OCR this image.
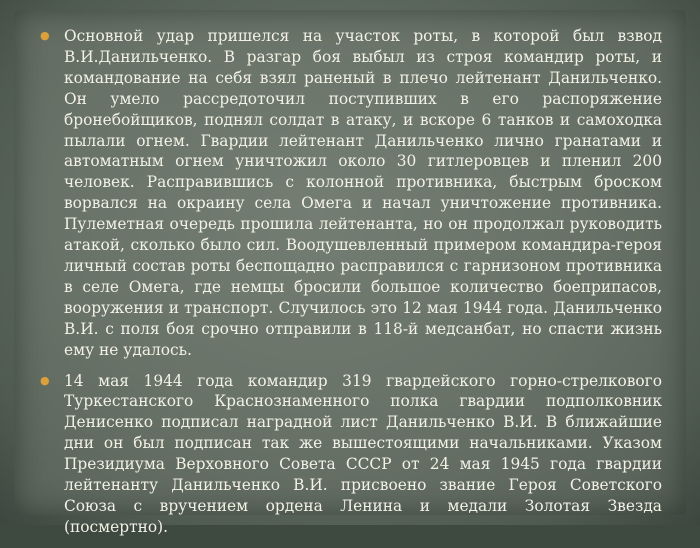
● Основной удар пришелся на участок роты, в которой был взвод В.И.Данильченко. В разгар боя выбыл из строя командир роты, и командование на себя взял раненый в плечо лейтенант Данильченко. Он умело рассредоточил поступивших в его распоряжение бронебойщиков, поднял солдат в атаку, и вскоре 6 танков и самоходка пылали огнем. Гвардии лейтенант Данильченко лично гранатами и автоматным огнем уничтожил около 30 гитлеровцев и пленил 200 человек. Расправившись с колонной противника, быстрым броском ворвался на окраину села Омега и начал уничтожение противника. Пулеметная очередь прошила лейтенанта, но он продолжал руководить атакой, сколько было сил. Воодушевленный примером командира-героя личный состав роты беспощадно расправился с гарнизоном противника в селе Омега, где немцы бросили большое количество боеприпасов, вооружения и транспорт. Случилось это 12 мая 1944 года. Данильченко В.И. с поля боя срочно отправили в 118-й медсанбат, но спасти жизнь ему не удалось.

● 14 мая 1944 года командир 319 гвардейского горно-стрелкового Туркестанского Краснознаменного полка гвардии подполковник Денисенко подписал наградной лист Данильченко В.И. В ближайшие дни он был подписан так же вышестоящими начальниками. Указом Президиума Верховного Совета СССР от 24 мая 1945 года гвардии лейтенанту Данильченко В.И. присвоено звание Героя Советского Союза с вручением ордена Ленина и медали Золотая Звезда (посмертно).
